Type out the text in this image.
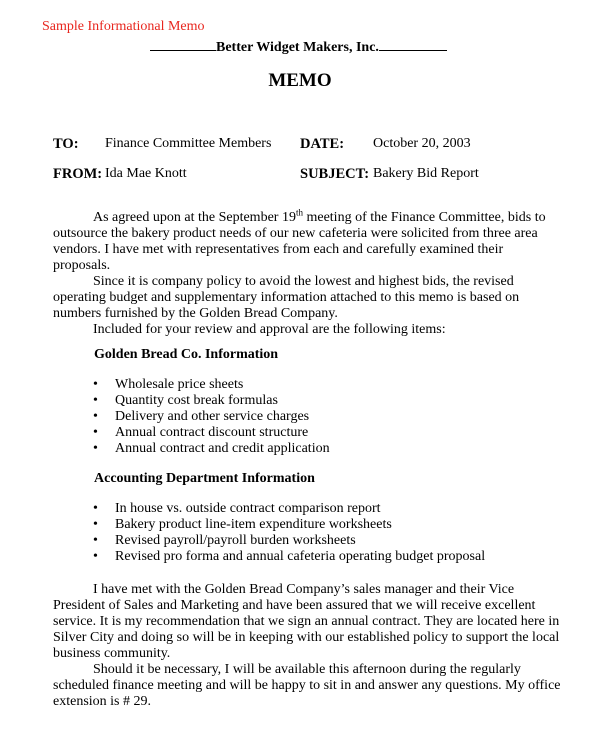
Sample Informational Memo
Better Widget Makers, Inc.
MEMO
TO: Finance Committee Members DATE: October 20, 2003
FROM: Ida Mae Knott	SUBJECT: Bakery Bid Report

As agreed upon at the September 19th meeting of the Finance Committee, bids to outsource the bakery product needs of our new cafeteria were solicited from three area vendors. I have met with representatives from each and carefully examined their proposals.

Since it is company policy to avoid the lowest and highest bids, the revised operating budget and supplementary information attached to this memo is based on numbers furnished by the Golden Bread Company.

Included for your review and approval are the following items:

Golden Bread Co. Information
• Wholesale price sheets
• Quantity cost break formulas
• Delivery and other service charges
• Annual contract discount structure
• Annual contract and credit application
Accounting Department Information
• In house vs. outside contract comparison report
• Bakery product line-item expenditure worksheets
• Revised payroll/payroll burden worksheets
• Revised pro forma and annual cafeteria operating budget proposal

I have met with the Golden Bread Company’s sales manager and their Vice President of Sales and Marketing and have been assured that we will receive excellent service. It is my recommendation that we sign an annual contract. They are located here in Silver City and doing so will be in keeping with our established policy to support the local business community.

Should it be necessary, I will be available this afternoon during the regularly scheduled finance meeting and will be happy to sit in and answer any questions. My office extension is # 29.
